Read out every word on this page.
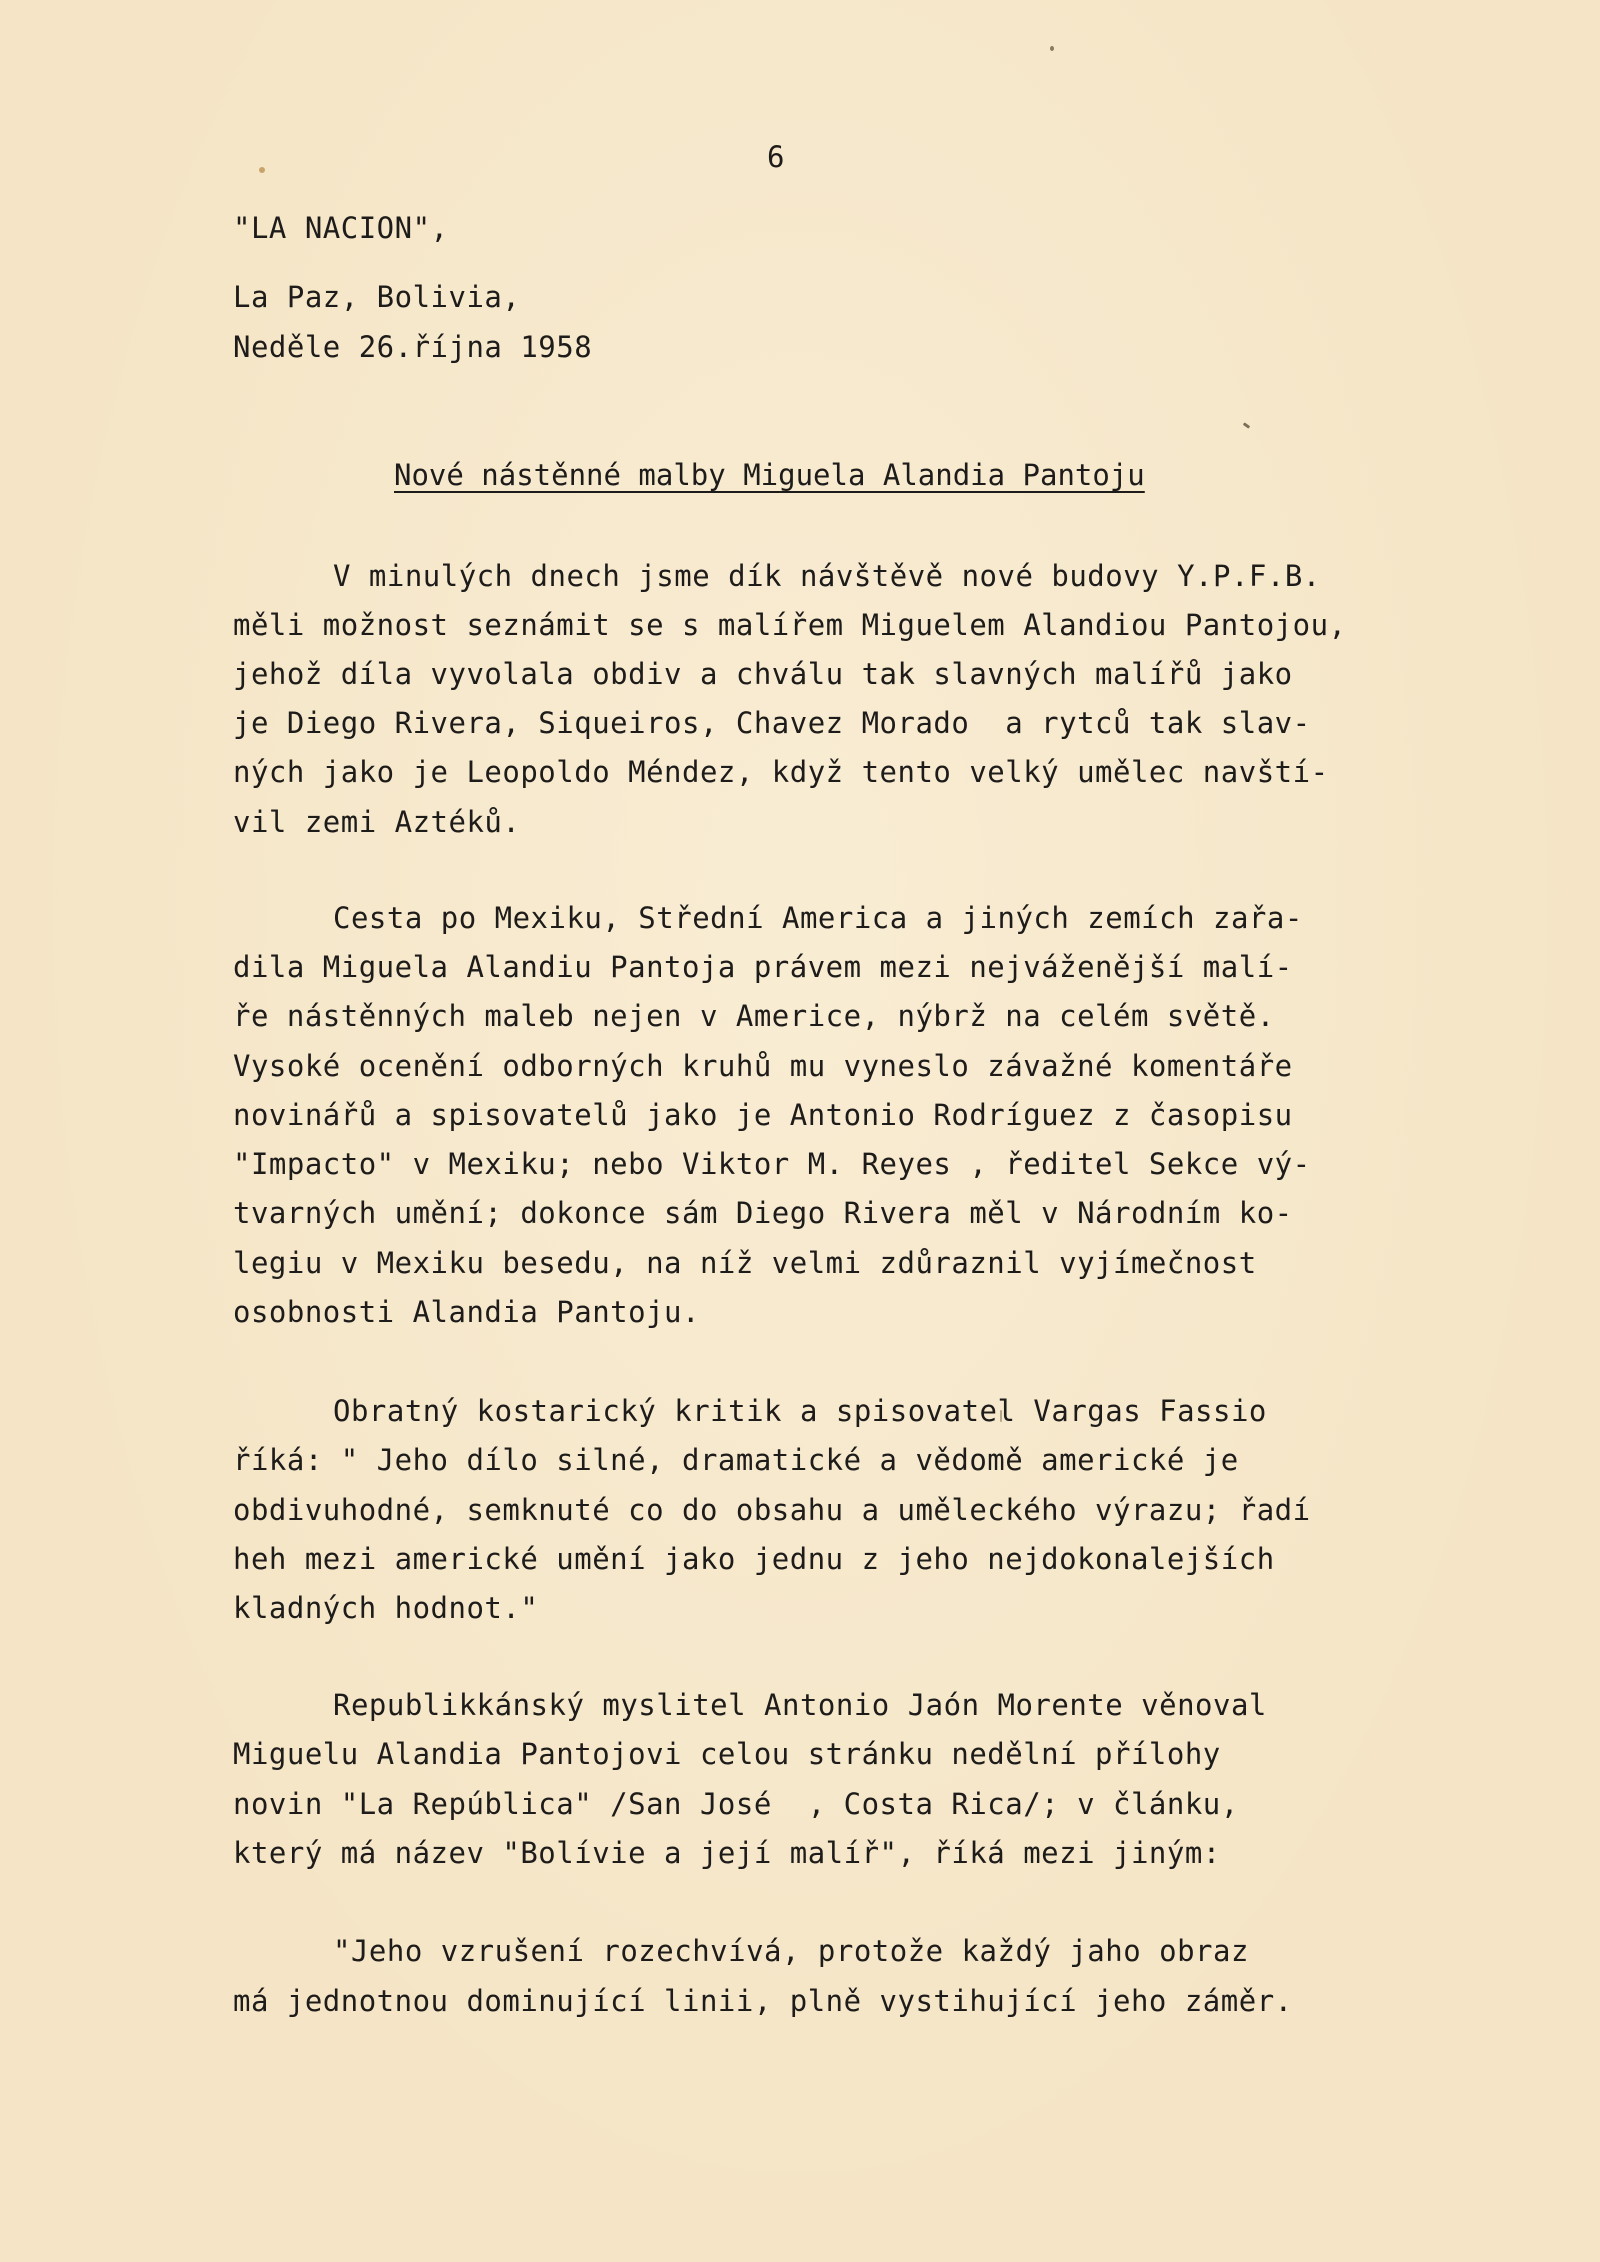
6
"LA NACION",
La Paz, Bolivia,
Neděle 26.října 1958
Nové nástěnné malby Miguela Alandia Pantoju
V minulých dnech jsme dík návštěvě nové budovy Y.P.F.B.
měli možnost seznámit se s malířem Miguelem Alandiou Pantojou,
jehož díla vyvolala obdiv a chválu tak slavných malířů jako
je Diego Rivera, Siqueiros, Chavez Morado  a rytců tak slav-
ných jako je Leopoldo Méndez, když tento velký umělec navští-
vil zemi Aztéků.
Cesta po Mexiku, Střední America a jiných zemích zařa-
dila Miguela Alandiu Pantoja právem mezi nejváženější malí-
ře nástěnných maleb nejen v Americe, nýbrž na celém světě.
Vysoké ocenění odborných kruhů mu vyneslo závažné komentáře
novinářů a spisovatelů jako je Antonio Rodríguez z časopisu
"Impacto" v Mexiku; nebo Viktor M. Reyes , ředitel Sekce vý-
tvarných umění; dokonce sám Diego Rivera měl v Národním ko-
legiu v Mexiku besedu, na níž velmi zdůraznil vyjímečnost
osobnosti Alandia Pantoju.
Obratný kostarický kritik a spisovatel Vargas Fassio
říká: " Jeho dílo silné, dramatické a vědomě americké je
obdivuhodné, semknuté co do obsahu a uměleckého výrazu; řadí
heh mezi americké umění jako jednu z jeho nejdokonalejších
kladných hodnot."
Republikkánský myslitel Antonio Jaón Morente věnoval
Miguelu Alandia Pantojovi celou stránku nedělní přílohy
novin "La República" /San José  , Costa Rica/; v článku,
který má název "Bolívie a její malíř", říká mezi jiným:
"Jeho vzrušení rozechvívá, protože každý jaho obraz
má jednotnou dominující linii, plně vystihující jeho záměr.
